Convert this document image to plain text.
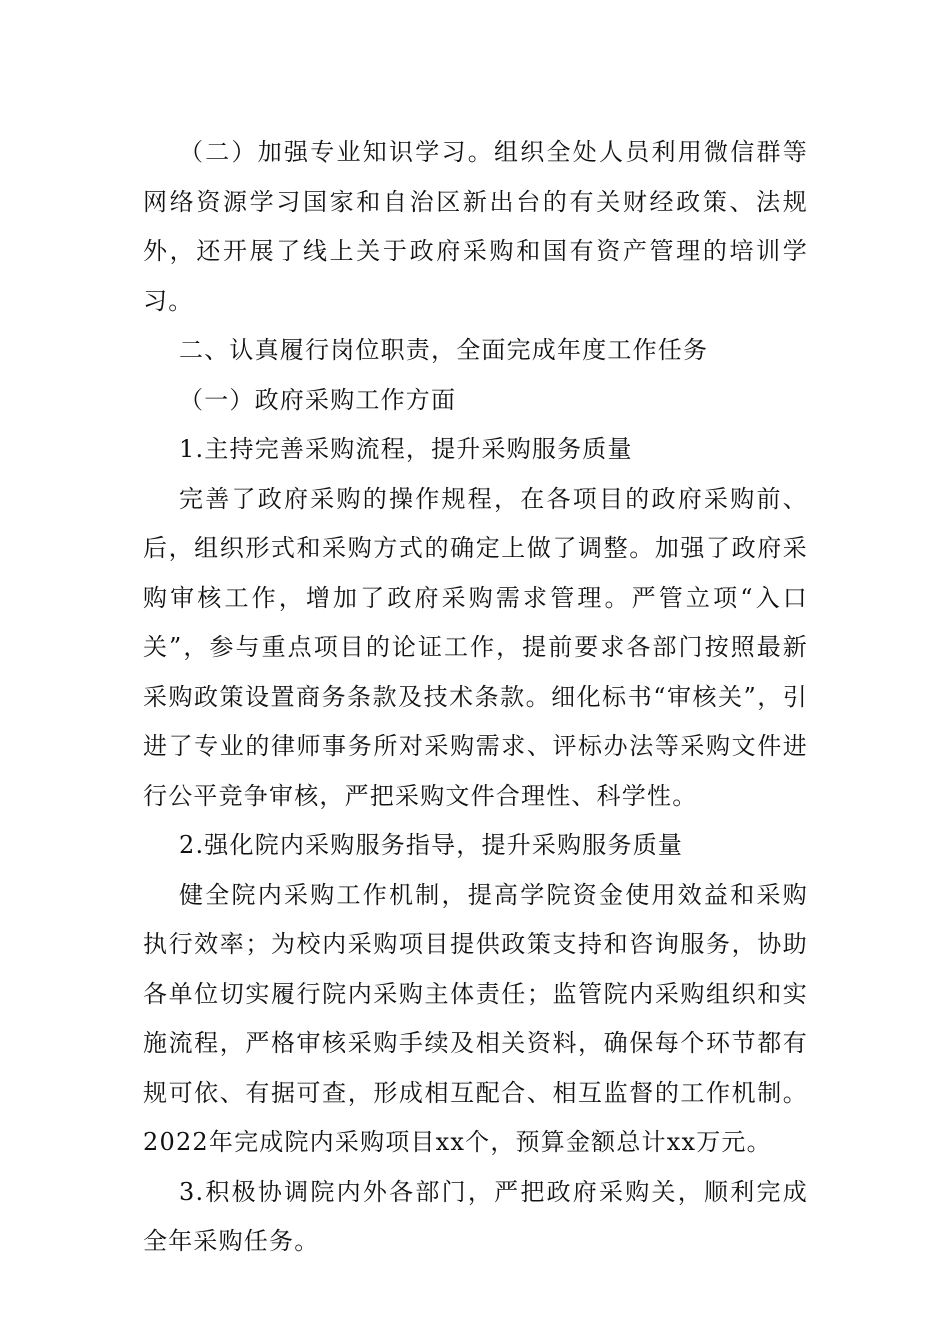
（二）加强专业知识学习。组织全处人员利用微信群等网络资源学习国家和自治区新出台的有关财经政策、法规外，还开展了线上关于政府采购和国有资产管理的培训学习。

二、认真履行岗位职责，全面完成年度工作任务

（一）政府采购工作方面

1.主持完善采购流程，提升采购服务质量

完善了政府采购的操作规程，在各项目的政府采购前、后，组织形式和采购方式的确定上做了调整。加强了政府采购审核工作，增加了政府采购需求管理。严管立项“入口关”，参与重点项目的论证工作，提前要求各部门按照最新采购政策设置商务条款及技术条款。细化标书“审核关”，引进了专业的律师事务所对采购需求、评标办法等采购文件进行公平竞争审核，严把采购文件合理性、科学性。

2.强化院内采购服务指导，提升采购服务质量

健全院内采购工作机制，提高学院资金使用效益和采购执行效率；为校内采购项目提供政策支持和咨询服务，协助各单位切实履行院内采购主体责任；监管院内采购组织和实施流程，严格审核采购手续及相关资料，确保每个环节都有规可依、有据可查，形成相互配合、相互监督的工作机制。2022年完成院内采购项目xx个，预算金额总计xx万元。

3.积极协调院内外各部门，严把政府采购关，顺利完成全年采购任务。
